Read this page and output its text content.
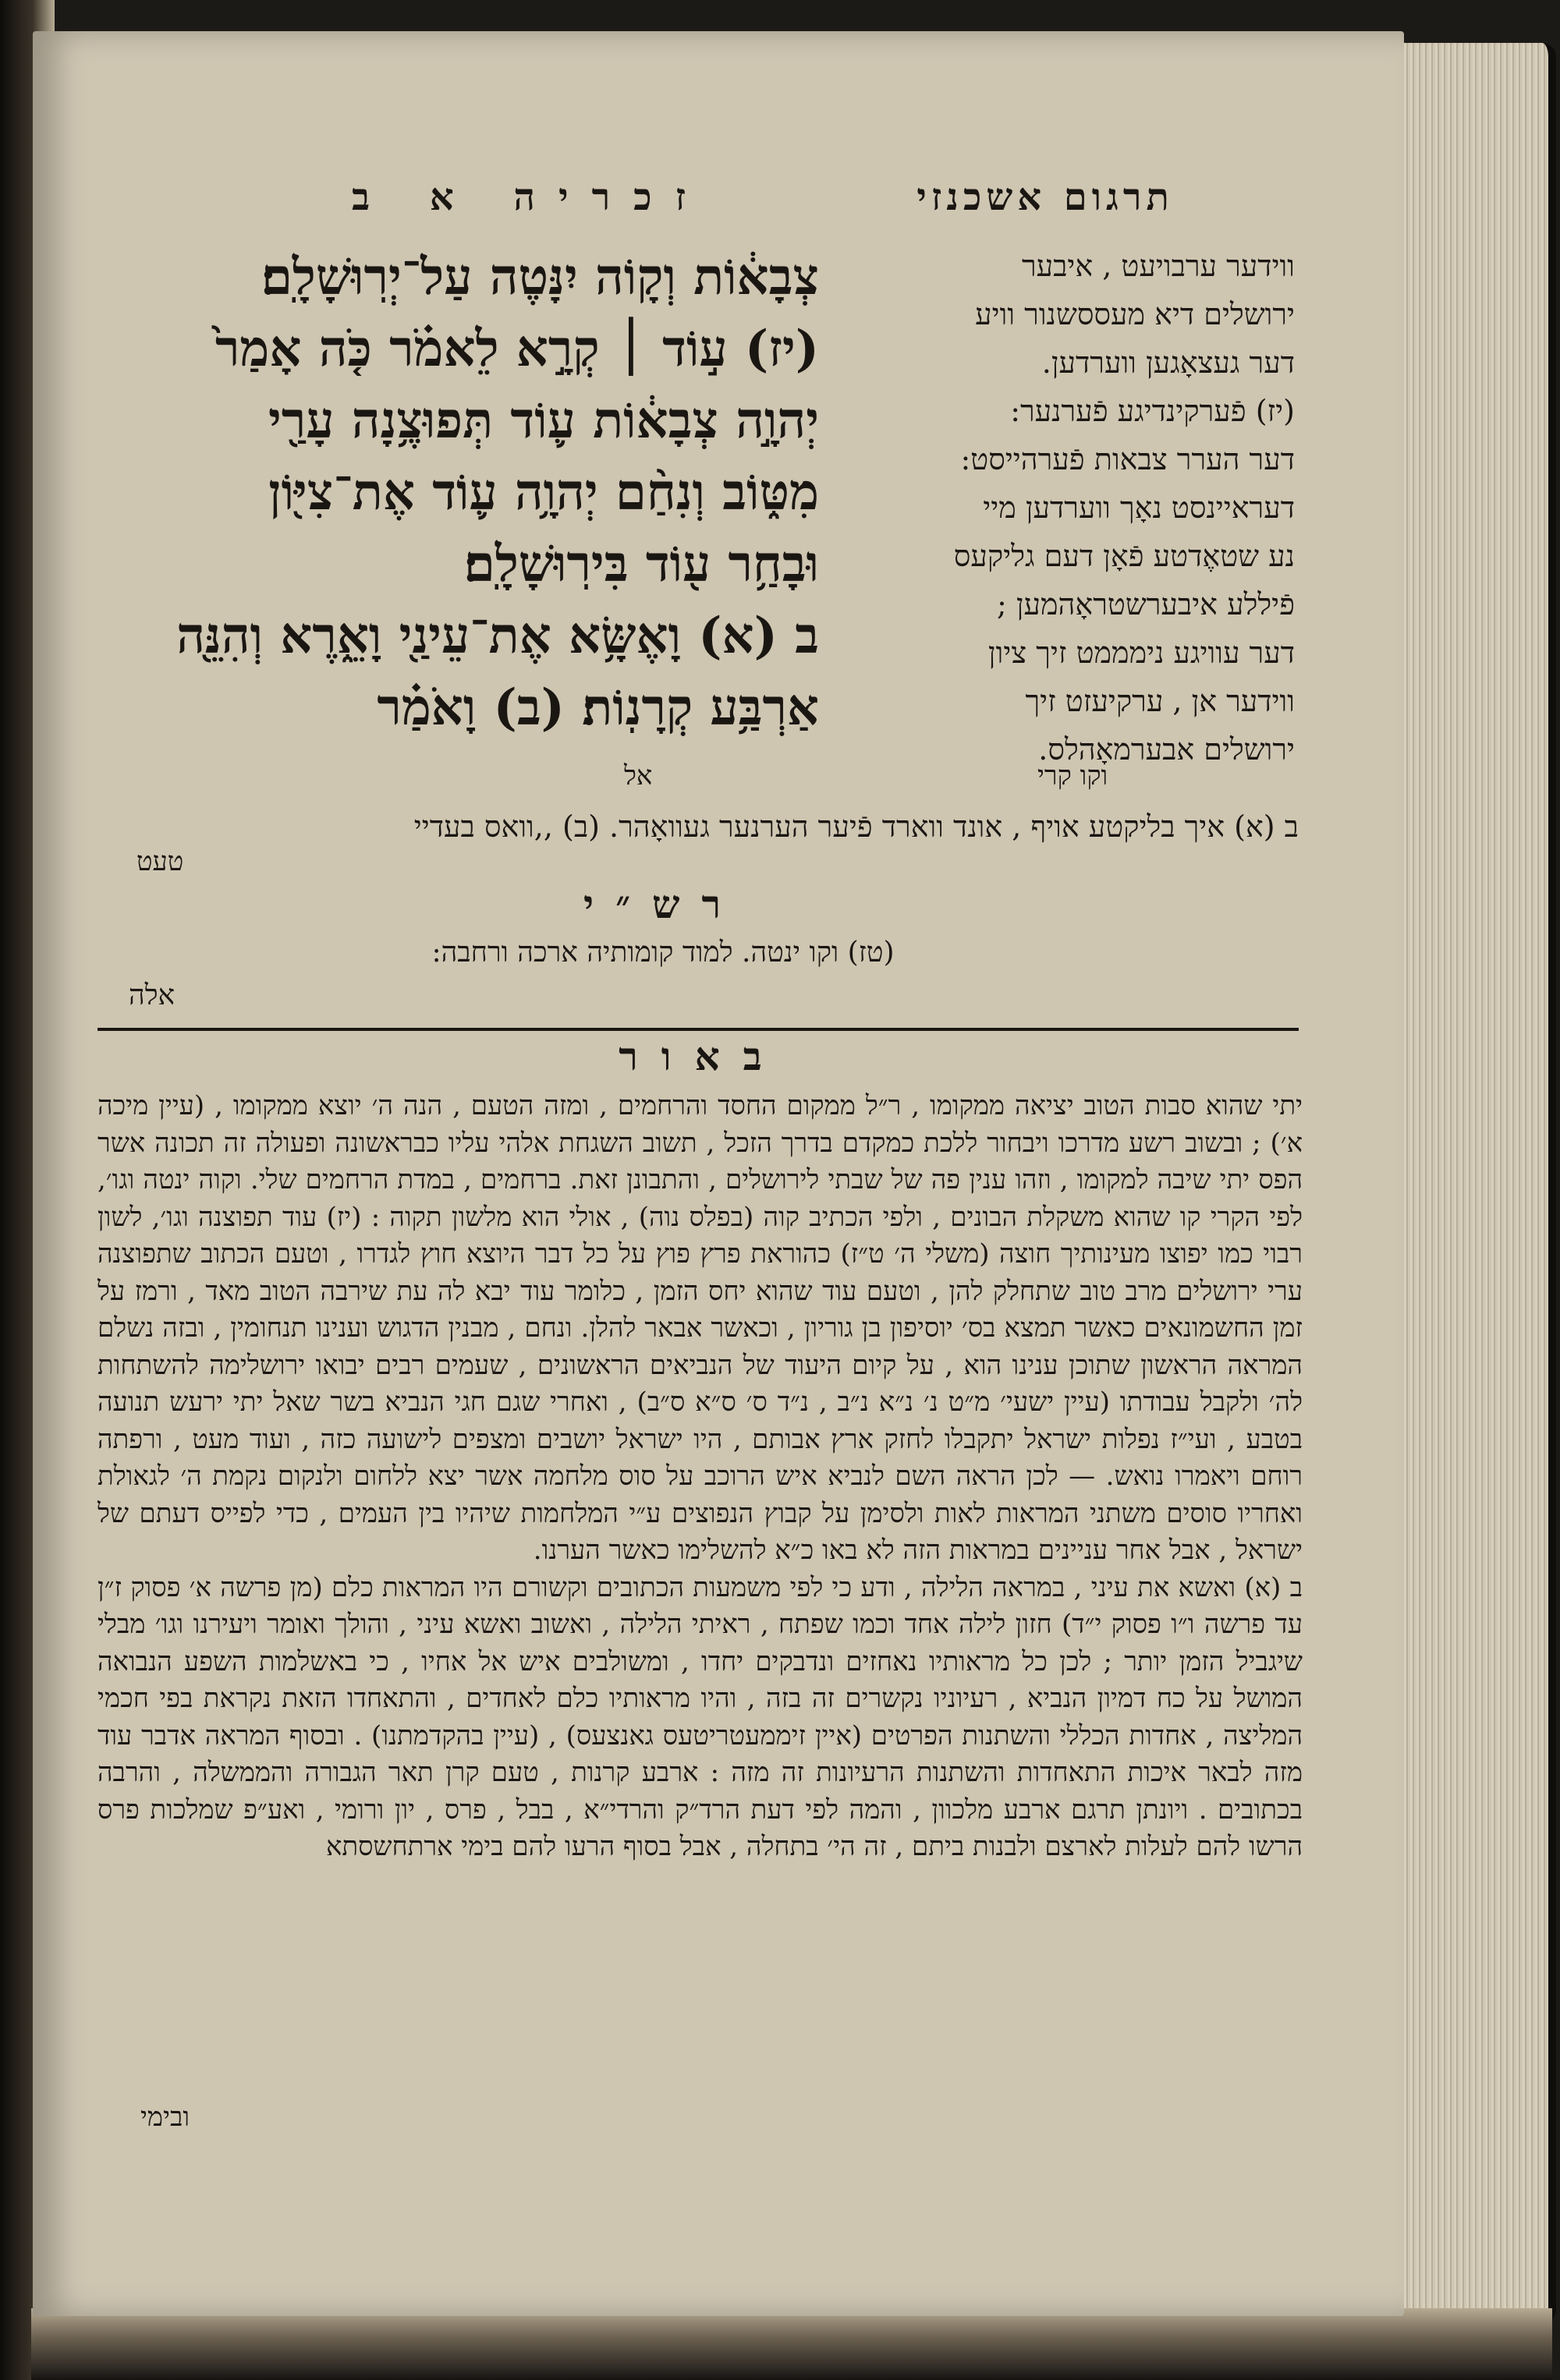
תרגום אשכנזי
זכריה א ב

ווידער ערבויעט , איבער

ירושלים דיא מעססשנור וויע

דער געצאָגען ווערדען.

(יז) פֿערקינדיגע פֿערנער:

דער הערר צבאות פֿערהייסט:

דעראיינסט נאָך ווערדען מיי

נע שטאֶדטע פֿאָן דעם גליקעס

פֿיללע איבערשטראָהמען ;

דער עוויגע נימממט זיך ציון

ווידער אן , ערקיעזט זיך

ירושלים אבערמאָהלס.

צְבָא֔וֹת וְקָוֹה יִנָּטֶה עַל־יְרֽוּשָׁלָֽם׃

(יז) ע֣וֹד ׀ קְרָ֣א לֵאמֹ֗ר כֹּ֤ה אָמַר֙

יְהוָ֣ה צְבָא֔וֹת ע֛וֹד תְּפוּצֶ֥נָה עָרַ֖י

מִטּ֑וֹב וְנִחַ֨ם יְהוָ֥ה ע֛וֹד אֶת־צִיּ֖וֹן

וּבָחַ֥ר ע֖וֹד בִּירֽוּשָׁלָֽם׃

ב (א) וָאֶשָּׂ֥א אֶת־עֵינַ֖י וָאֵ֑רֶא וְהִנֵּ֖ה

אַרְבַּ֥ע קְרָנֽוֹת׃ (ב) וָאֹמַ֗ר

וקו קרי
אל
ב (א) איך בליקטע אויף , אונד ווארד פֿיער הערנער געוואָהר. (ב) ,,וואס בעדיי
טעט
רש״י
(טז) וקו ינטה. למוד קומותיה ארכה ורחבה:
אלה
באור

יתי שהוא סבות הטוב יציאה ממקומו , ר״ל ממקום החסד והרחמים , ומזה הטעם , הנה ה׳ יוצא ממקומו , (עיין מיכה א׳) ; ובשוב רשע מדרכו ויבחור ללכת כמקדם בדרך הזכל , תשוב השגחת אלהי עליו כבראשונה ופעולה זה תכונה אשר הפס יתי שיבה למקומו , וזהו ענין פה של שבתי לירושלים , והתבונן זאת. ברחמים , במדת הרחמים שלי. וקוה ינטה וגו׳, לפי הקרי קו שהוא משקלת הבונים , ולפי הכתיב קוה (בפלס נוה) , אולי הוא מלשון תקוה : (יז) עוד תפוצנה וגו׳, לשון רבוי כמו יפוצו מעינותיך חוצה (משלי ה׳ ט״ז) כהוראת פרץ פוץ על כל דבר היוצא חוץ לגדרו , וטעם הכתוב שתפוצנה ערי ירושלים מרב טוב שתחלק להן , וטעם עוד שהוא יחס הזמן , כלומר עוד יבא לה עת שירבה הטוב מאד , ורמז על זמן החשמונאים כאשר תמצא בס׳ יוסיפון בן גוריון , וכאשר אבאר להלן. ונחם , מבנין הדגוש וענינו תנחומין , ובזה נשלם המראה הראשון שתוכן ענינו הוא , על קיום היעוד של הנביאים הראשונים , שעמים רבים יבואו ירושלימה להשתחות לה׳ ולקבל עבודתו (עיין ישעי׳ מ״ט נ׳ נ״א נ״ב , נ״ד ס׳ ס״א ס״ב) , ואחרי שגם חגי הנביא בשר שאל יתי ירעש תנועה בטבע , ועי״ז נפלות ישראל יתקבלו לחזק ארץ אבותם , היו ישראל יושבים ומצפים לישועה כזה , ועוד מעט , ורפתה רוחם ויאמרו נואש. — לכן הראה השם לנביא איש הרוכב על סוס מלחמה אשר יצא ללחום ולנקום נקמת ה׳ לגאולת ואחריו סוסים משתני המראות לאות ולסימן על קבוץ הנפוצים ע״י המלחמות שיהיו בין העמים , כדי לפייס דעתם של ישראל , אבל אחר עניינים במראות הזה לא באו כ״א להשלימו כאשר הערנו.

ב (א) ואשא את עיני , במראה הלילה , ודע כי לפי משמעות הכתובים וקשורם היו המראות כלם (מן פרשה א׳ פסוק ז״ן עד פרשה ו״ו פסוק י״ד) חזון לילה אחד וכמו שפתח , ראיתי הלילה , ואשוב ואשא עיני , והולך ואומר ויעירנו וגו׳ מבלי שיגביל הזמן יותר ; לכן כל מראותיו נאחזים ונדבקים יחדו , ומשולבים איש אל אחיו , כי באשלמות השפע הנבואה המושל על כח דמיון הנביא , רעיוניו נקשרים זה בזה , והיו מראותיו כלם לאחדים , והתאחדו הזאת נקראת בפי חכמי המליצה , אחדות הכללי והשתנות הפרטים (איין זיממעטריטעס גאנצעס) , (עיין בהקדמתנו) . ובסוף המראה אדבר עוד מזה לבאר איכות התאחדות והשתנות הרעיונות זה מזה : ארבע קרנות , טעם קרן תאר הגבורה והממשלה , והרבה בכתובים . ויונתן תרגם ארבע מלכוון , והמה לפי דעת הרד״ק והרדי״א , בבל , פרס , יון ורומי , ואע״פ שמלכות פרס הרשו להם לעלות לארצם ולבנות ביתם , זה הי׳ בתחלה , אבל בסוף הרעו להם בימי ארתחשסתא

ובימי
